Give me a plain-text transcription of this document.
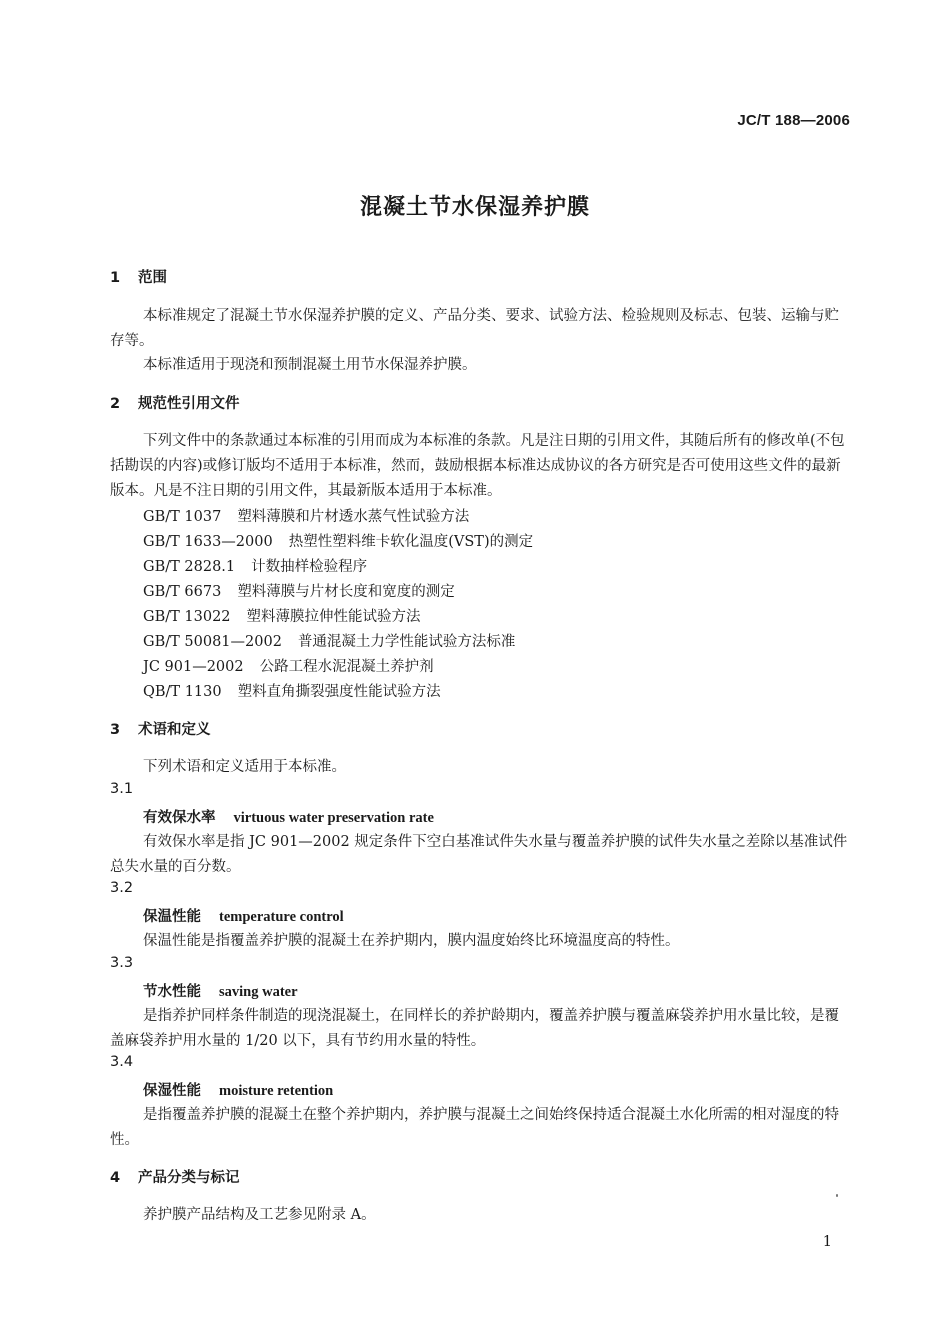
JC/T 188—2006
混凝土节水保湿养护膜
1 范围
本标准规定了混凝土节水保湿养护膜的定义、产品分类、要求、试验方法、检验规则及标志、包装、运输与贮存等。
本标准适用于现浇和预制混凝土用节水保湿养护膜。
2 规范性引用文件
下列文件中的条款通过本标准的引用而成为本标准的条款。凡是注日期的引用文件，其随后所有的修改单(不包括勘误的内容)或修订版均不适用于本标准，然而，鼓励根据本标准达成协议的各方研究是否可使用这些文件的最新版本。凡是不注日期的引用文件，其最新版本适用于本标准。
GB/T 1037 塑料薄膜和片材透水蒸气性试验方法
GB/T 1633—2000 热塑性塑料维卡软化温度(VST)的测定
GB/T 2828.1 计数抽样检验程序
GB/T 6673 塑料薄膜与片材长度和宽度的测定
GB/T 13022 塑料薄膜拉伸性能试验方法
GB/T 50081—2002 普通混凝土力学性能试验方法标准
JC 901—2002 公路工程水泥混凝土养护剂
QB/T 1130 塑料直角撕裂强度性能试验方法
3 术语和定义
下列术语和定义适用于本标准。
3.1
有效保水率 virtuous water preservation rate
有效保水率是指 JC 901—2002 规定条件下空白基准试件失水量与覆盖养护膜的试件失水量之差除以基准试件总失水量的百分数。
3.2
保温性能 temperature control
保温性能是指覆盖养护膜的混凝土在养护期内，膜内温度始终比环境温度高的特性。
3.3
节水性能 saving water
是指养护同样条件制造的现浇混凝土，在同样长的养护龄期内，覆盖养护膜与覆盖麻袋养护用水量比较，是覆盖麻袋养护用水量的 1/20 以下，具有节约用水量的特性。
3.4
保湿性能 moisture retention
是指覆盖养护膜的混凝土在整个养护期内，养护膜与混凝土之间始终保持适合混凝土水化所需的相对湿度的特性。
4 产品分类与标记
养护膜产品结构及工艺参见附录 A。
1
